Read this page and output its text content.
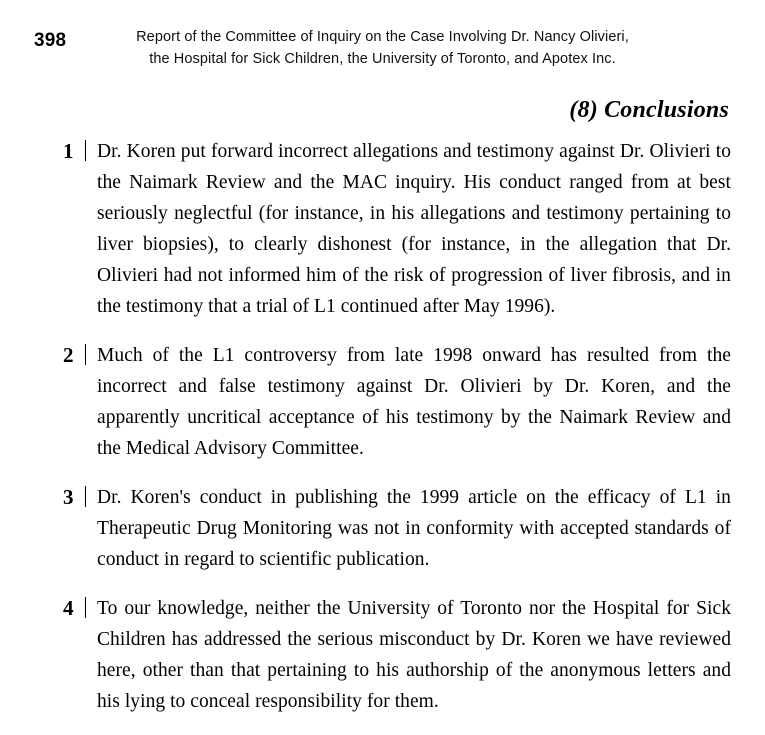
398	Report of the Committee of Inquiry on the Case Involving Dr. Nancy Olivieri,
the Hospital for Sick Children, the University of Toronto, and Apotex Inc.
(8) Conclusions
1	Dr. Koren put forward incorrect allegations and testimony against Dr. Olivieri to the Naimark Review and the MAC inquiry. His conduct ranged from at best seriously neglectful (for instance, in his allegations and testimony pertaining to liver biopsies), to clearly dishonest (for instance, in the allegation that Dr. Olivieri had not informed him of the risk of progression of liver fibrosis, and in the testimony that a trial of L1 continued after May 1996).
2	Much of the L1 controversy from late 1998 onward has resulted from the incorrect and false testimony against Dr. Olivieri by Dr. Koren, and the apparently uncritical acceptance of his testimony by the Naimark Review and the Medical Advisory Committee.
3	Dr. Koren's conduct in publishing the 1999 article on the efficacy of L1 in Therapeutic Drug Monitoring was not in conformity with accepted standards of conduct in regard to scientific publication.
4	To our knowledge, neither the University of Toronto nor the Hospital for Sick Children has addressed the serious misconduct by Dr. Koren we have reviewed here, other than that pertaining to his authorship of the anonymous letters and his lying to conceal responsibility for them.
